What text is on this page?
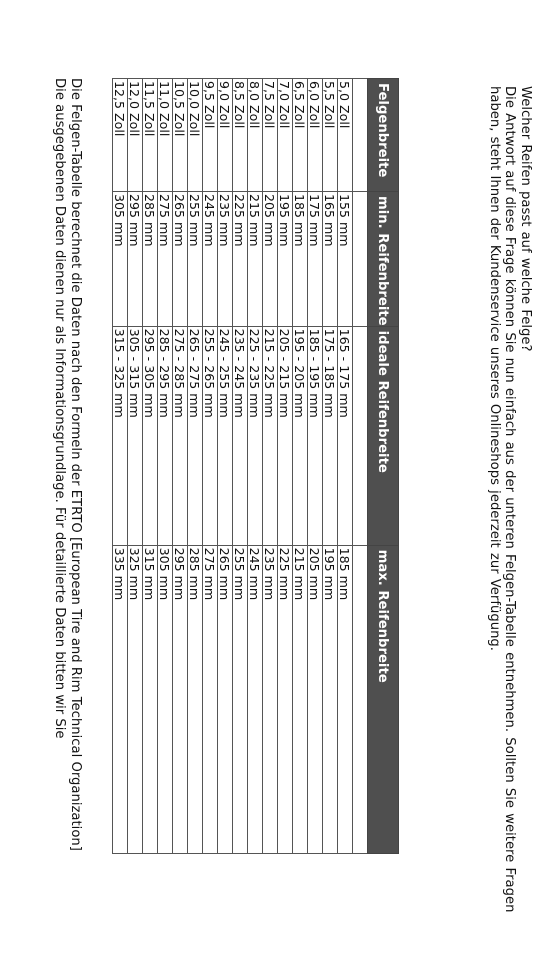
Welcher Reifen passt auf welche Felge?

Die Antwort auf diese Frage können Sie nun einfach aus der unteren Felgen-Tabelle entnehmen. Sollten Sie weitere Fragen haben, steht Ihnen der Kundenservice unseres Onlineshops jederzeit zur Verfügung.

Felgenbreite	min. Reifenbreite	ideale Reifenbreite	max. Reifenbreite

5,0 Zoll	155 mm	165 - 175 mm	185 mm
5,5 Zoll	165 mm	175 - 185 mm	195 mm
6,0 Zoll	175 mm	185 - 195 mm	205 mm
6,5 Zoll	185 mm	195 - 205 mm	215 mm
7,0 Zoll	195 mm	205 - 215 mm	225 mm
7,5 Zoll	205 mm	215 - 225 mm	235 mm
8,0 Zoll	215 mm	225 - 235 mm	245 mm
8,5 Zoll	225 mm	235 - 245 mm	255 mm
9,0 Zoll	235 mm	245 - 255 mm	265 mm
9,5 Zoll	245 mm	255 - 265 mm	275 mm
10,0 Zoll	255 mm	265 - 275 mm	285 mm
10,5 Zoll	265 mm	275 - 285 mm	295 mm
11,0 Zoll	275 mm	285 - 295 mm	305 mm
11,5 Zoll	285 mm	295 - 305 mm	315 mm
12,0 Zoll	295 mm	305 - 315 mm	325 mm
12,5 Zoll	305 mm	315 - 325 mm	335 mm

Die Felgen-Tabelle berechnet die Daten nach den Formeln der ETRTO [European Tire and Rim Technical Organization]

Die ausgegebenen Daten dienen nur als Informationsgrundlage. Für detaillierte Daten bitten wir Sie
